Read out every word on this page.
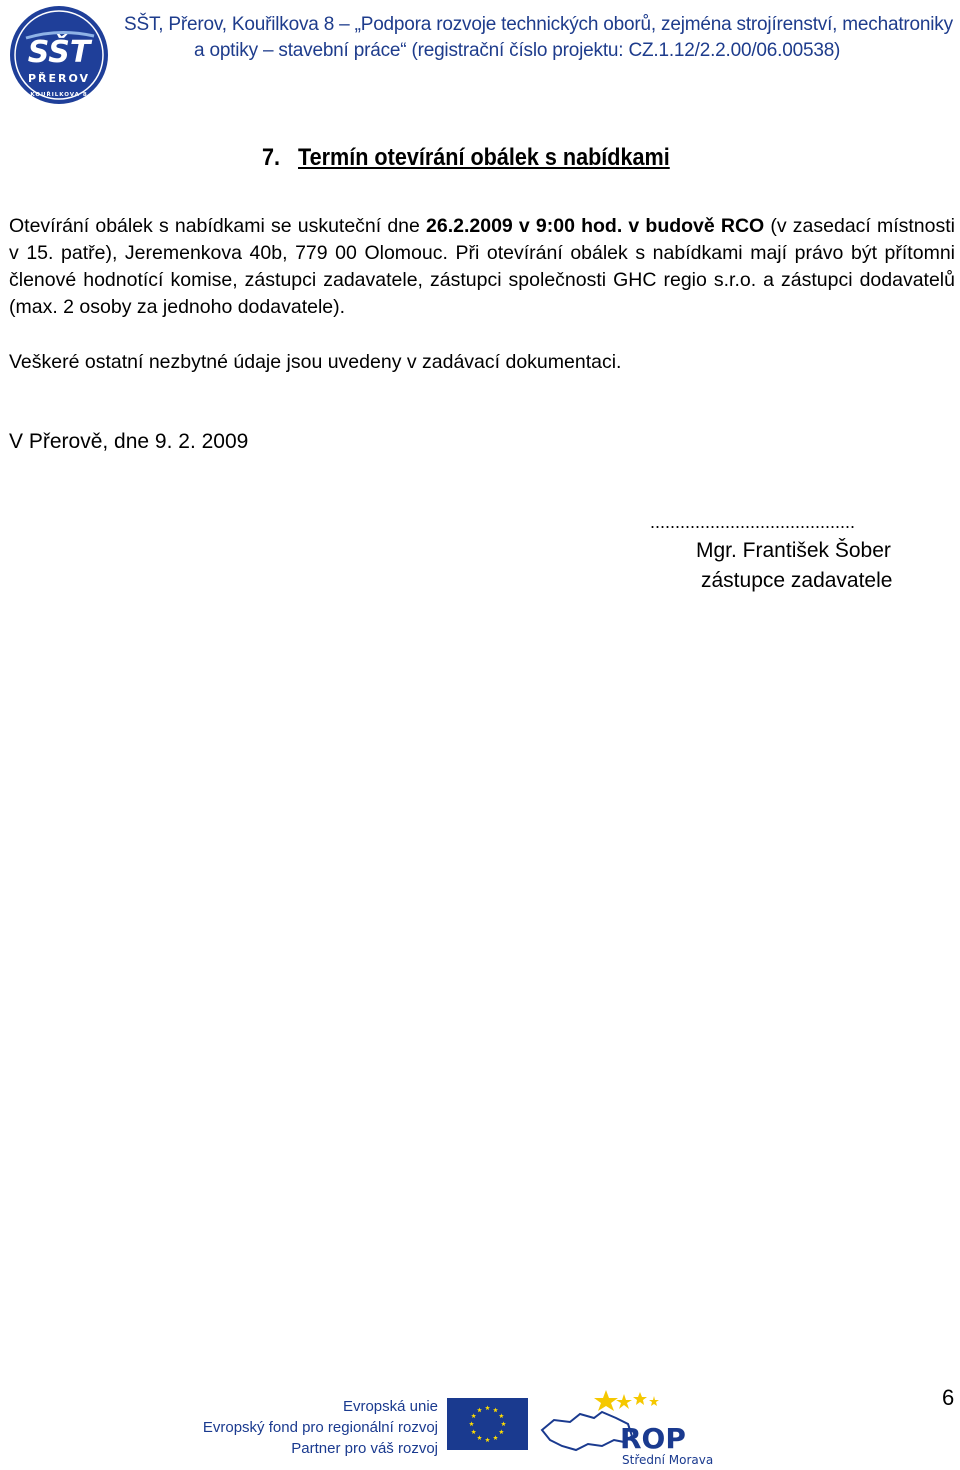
SŠT
PŘEROV
KOUŘILKOVA 8
SŠT, Přerov, Kouřilkova 8 – „Podpora rozvoje technických oborů, zejména strojírenství, mechatroniky
a optiky – stavební práce“ (registrační číslo projektu: CZ.1.12/2.2.00/06.00538)
7. Termín otevírání obálek s nabídkami
Otevírání obálek s nabídkami se uskuteční dne 26.2.2009 v 9:00 hod. v budově RCO (v zasedací místnosti v 15. patře), Jeremenkova 40b, 779 00 Olomouc. Při otevírání obálek s nabídkami mají právo být přítomni členové hodnotící komise, zástupci zadavatele, zástupci společnosti GHC regio s.r.o. a zástupci dodavatelů (max. 2 osoby za jednoho dodavatele).
Veškeré ostatní nezbytné údaje jsou uvedeny v zadávací dokumentaci.
V Přerově, dne 9. 2. 2009
.........................................
Mgr. František Šober
zástupce zadavatele
Evropská unie
Evropský fond pro regionální rozvoj
Partner pro váš rozvoj	ROP
Střední Morava
6
